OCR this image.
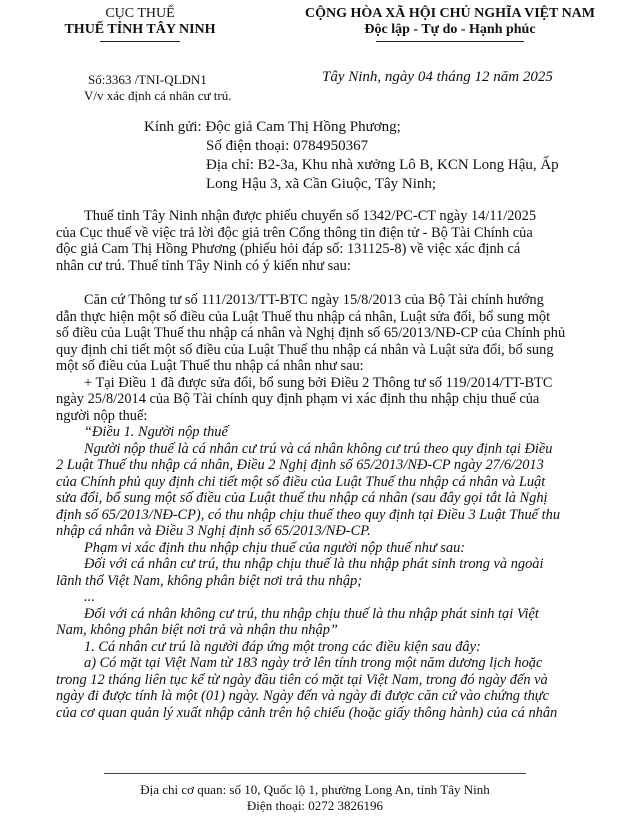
CỤC THUẾ
THUẾ TỈNH TÂY NINH
Số:3363 /TNI-QLDN1
V/v xác định cá nhân cư trú.
CỘNG HÒA XÃ HỘI CHỦ NGHĨA VIỆT NAM
Độc lập - Tự do - Hạnh phúc
Tây Ninh, ngày 04 tháng 12 năm 2025
Kính gửi: Độc giả Cam Thị Hồng Phương;
Số điện thoại: 0784950367
Địa chỉ: B2-3a, Khu nhà xưởng Lô B, KCN Long Hậu, Ấp
Long Hậu 3, xã Cần Giuộc, Tây Ninh;
Thuế tỉnh Tây Ninh nhận được phiếu chuyển số 1342/PC-CT ngày 14/11/2025
của Cục thuế về việc trả lời độc giả trên Cổng thông tin điện tử - Bộ Tài Chính của
độc giả Cam Thị Hồng Phương (phiếu hỏi đáp số: 131125-8) về việc xác định cá
nhân cư trú. Thuế tỉnh Tây Ninh có ý kiến như sau:
Căn cứ Thông tư số 111/2013/TT-BTC ngày 15/8/2013 của Bộ Tài chính hướng
dẫn thực hiện một số điều của Luật Thuế thu nhập cá nhân, Luật sửa đổi, bổ sung một
số điều của Luật Thuế thu nhập cá nhân và Nghị định số 65/2013/NĐ-CP của Chính phủ
quy định chi tiết một số điều của Luật Thuế thu nhập cá nhân và Luật sửa đổi, bổ sung
một số điều của Luật Thuế thu nhập cá nhân như sau:
+ Tại Điều 1 đã được sửa đổi, bổ sung bởi Điều 2 Thông tư số 119/2014/TT-BTC
ngày 25/8/2014 của Bộ Tài chính quy định phạm vi xác định thu nhập chịu thuế của
người nộp thuế:
“Điều 1. Người nộp thuế
Người nộp thuế là cá nhân cư trú và cá nhân không cư trú theo quy định tại Điều
2 Luật Thuế thu nhập cá nhân, Điều 2 Nghị định số 65/2013/NĐ-CP ngày 27/6/2013
của Chính phủ quy định chi tiết một số điều của Luật Thuế thu nhập cá nhân và Luật
sửa đổi, bổ sung một số điều của Luật thuế thu nhập cá nhân (sau đây gọi tắt là Nghị
định số 65/2013/NĐ-CP), có thu nhập chịu thuế theo quy định tại Điều 3 Luật Thuế thu
nhập cá nhân và Điều 3 Nghị định số 65/2013/NĐ-CP.
Phạm vi xác định thu nhập chịu thuế của người nộp thuế như sau:
Đối với cá nhân cư trú, thu nhập chịu thuế là thu nhập phát sinh trong và ngoài
lãnh thổ Việt Nam, không phân biệt nơi trả thu nhập;
...
Đối với cá nhân không cư trú, thu nhập chịu thuế là thu nhập phát sinh tại Việt
Nam, không phân biệt nơi trả và nhận thu nhập”
1. Cá nhân cư trú là người đáp ứng một trong các điều kiện sau đây:
a) Có mặt tại Việt Nam từ 183 ngày trở lên tính trong một năm dương lịch hoặc
trong 12 tháng liên tục kể từ ngày đầu tiên có mặt tại Việt Nam, trong đó ngày đến và
ngày đi được tính là một (01) ngày. Ngày đến và ngày đi được căn cứ vào chứng thực
của cơ quan quản lý xuất nhập cảnh trên hộ chiếu (hoặc giấy thông hành) của cá nhân
Địa chỉ cơ quan: số 10, Quốc lộ 1, phường Long An, tỉnh Tây Ninh
Điện thoại: 0272 3826196
